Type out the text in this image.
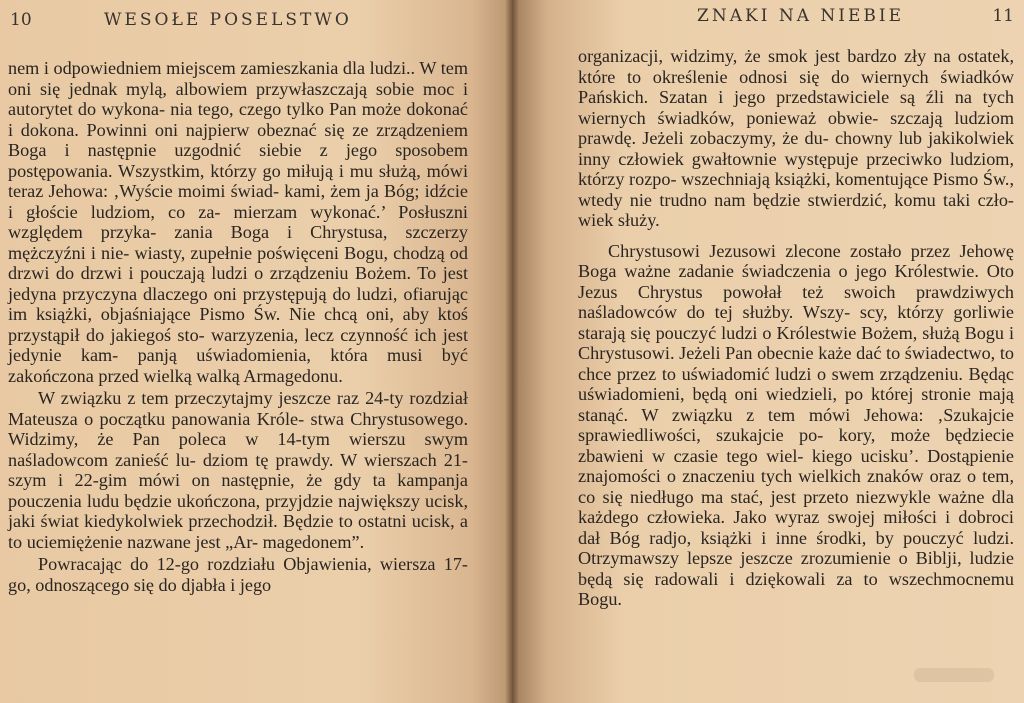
10	WESOŁE POSELSTWO

nem i odpowiedniem miejscem zamieszkania dla ludzi.. W tem oni się jednak mylą, albowiem przywłaszczają sobie moc i autorytet do wykona- nia tego, czego tylko Pan może dokonać i dokona. Powinni oni najpierw obeznać się ze zrządzeniem Boga i następnie uzgodnić siebie z jego sposobem postępowania. Wszystkim, którzy go miłują i mu służą, mówi teraz Jehowa: ‚Wyście moimi świad- kami, żem ja Bóg; idźcie i głoście ludziom, co za- mierzam wykonać.’ Posłuszni względem przyka- zania Boga i Chrystusa, szczerzy mężczyźni i nie- wiasty, zupełnie poświęceni Bogu, chodzą od drzwi do drzwi i pouczają ludzi o zrządzeniu Bożem. To jest jedyna przyczyna dlaczego oni przystępują do ludzi, ofiarując im książki, objaśniające Pismo Św. Nie chcą oni, aby ktoś przystąpił do jakiegoś sto- warzyzenia, lecz czynność ich jest jedynie kam- panją uświadomienia, która musi być zakończona przed wielką walką Armagedonu.

W związku z tem przeczytajmy jeszcze raz 24-ty rozdział Mateusza o początku panowania Króle- stwa Chrystusowego. Widzimy, że Pan poleca w 14-tym wierszu swym naśladowcom zanieść lu- dziom tę prawdy. W wierszach 21-szym i 22-gim mówi on następnie, że gdy ta kampanja pouczenia ludu będzie ukończona, przyjdzie największy ucisk, jaki świat kiedykolwiek przechodził. Będzie to ostatni ucisk, a to uciemiężenie nazwane jest „Ar- magedonem”.

Powracając do 12-go rozdziału Objawienia, wiersza 17-go, odnoszącego się do djabła i jego

ZNAKI NA NIEBIE	11

organizacji, widzimy, że smok jest bardzo zły na ostatek, które to określenie odnosi się do wiernych świadków Pańskich. Szatan i jego przedstawiciele są źli na tych wiernych świadków, ponieważ obwie- szczają ludziom prawdę. Jeżeli zobaczymy, że du- chowny lub jakikolwiek inny człowiek gwałtownie występuje przeciwko ludziom, którzy rozpo- wszechniają książki, komentujące Pismo Św., wtedy nie trudno nam będzie stwierdzić, komu taki czło- wiek służy.

Chrystusowi Jezusowi zlecone zostało przez Jehowę Boga ważne zadanie świadczenia o jego Królestwie. Oto Jezus Chrystus powołał też swoich prawdziwych naśladowców do tej służby. Wszy- scy, którzy gorliwie starają się pouczyć ludzi o Królestwie Bożem, służą Bogu i Chrystusowi. Jeżeli Pan obecnie każe dać to świadectwo, to chce przez to uświadomić ludzi o swem zrządzeniu. Będąc uświadomieni, będą oni wiedzieli, po której stronie mają stanąć. W związku z tem mówi Jehowa: ‚Szukajcie sprawiedliwości, szukajcie po- kory, może będziecie zbawieni w czasie tego wiel- kiego ucisku’. Dostąpienie znajomości o znaczeniu tych wielkich znaków oraz o tem, co się niedługo ma stać, jest przeto niezwykle ważne dla każdego człowieka. Jako wyraz swojej miłości i dobroci dał Bóg radjo, książki i inne środki, by pouczyć ludzi. Otrzymawszy lepsze jeszcze zrozumienie o Biblji, ludzie będą się radowali i dziękowali za to wszechmocnemu Bogu.
